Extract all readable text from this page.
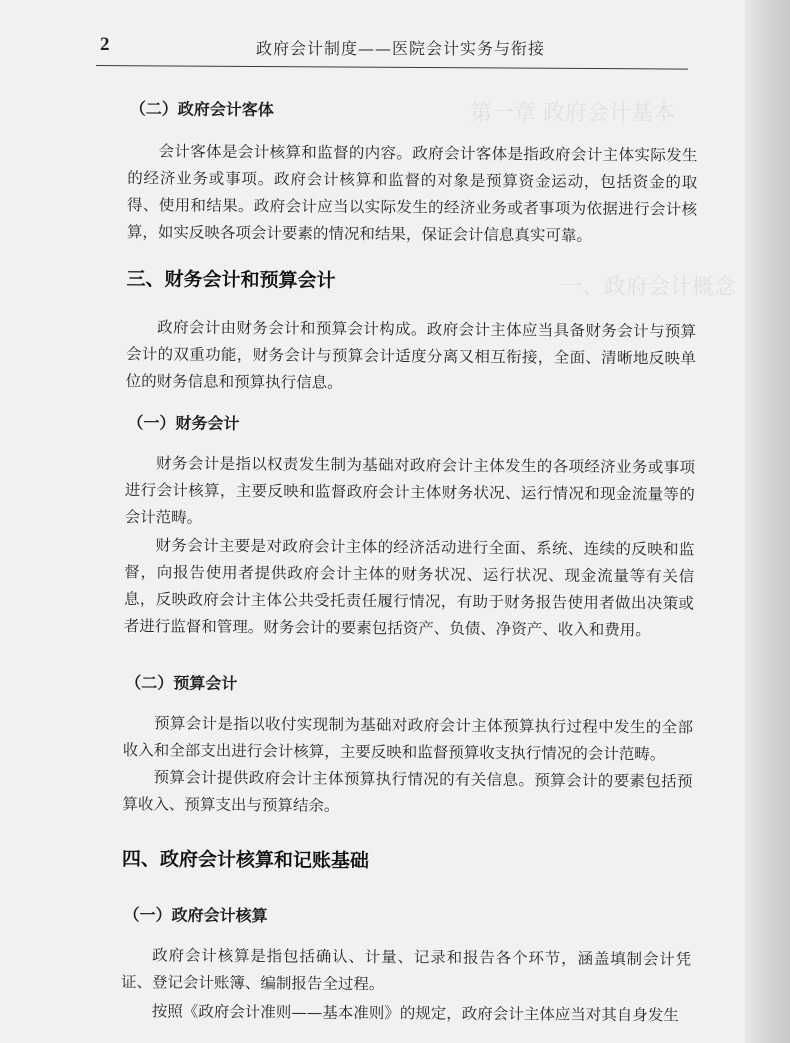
第一章 政府会计基本
一、政府会计概念
2	政府会计制度——医院会计实务与衔接
（二）政府会计客体

会计客体是会计核算和监督的内容。政府会计客体是指政府会计主体实际发生的经济业务或事项。政府会计核算和监督的对象是预算资金运动，包括资金的取得、使用和结果。政府会计应当以实际发生的经济业务或者事项为依据进行会计核算，如实反映各项会计要素的情况和结果，保证会计信息真实可靠。

三、财务会计和预算会计

政府会计由财务会计和预算会计构成。政府会计主体应当具备财务会计与预算会计的双重功能，财务会计与预算会计适度分离又相互衔接，全面、清晰地反映单位的财务信息和预算执行信息。

（一）财务会计

财务会计是指以权责发生制为基础对政府会计主体发生的各项经济业务或事项进行会计核算，主要反映和监督政府会计主体财务状况、运行情况和现金流量等的会计范畴。

财务会计主要是对政府会计主体的经济活动进行全面、系统、连续的反映和监督，向报告使用者提供政府会计主体的财务状况、运行状况、现金流量等有关信息，反映政府会计主体公共受托责任履行情况，有助于财务报告使用者做出决策或者进行监督和管理。财务会计的要素包括资产、负债、净资产、收入和费用。

（二）预算会计

预算会计是指以收付实现制为基础对政府会计主体预算执行过程中发生的全部收入和全部支出进行会计核算，主要反映和监督预算收支执行情况的会计范畴。

预算会计提供政府会计主体预算执行情况的有关信息。预算会计的要素包括预算收入、预算支出与预算结余。

四、政府会计核算和记账基础
（一）政府会计核算

政府会计核算是指包括确认、计量、记录和报告各个环节，涵盖填制会计凭证、登记会计账簿、编制报告全过程。

按照《政府会计准则——基本准则》的规定，政府会计主体应当对其自身发生
